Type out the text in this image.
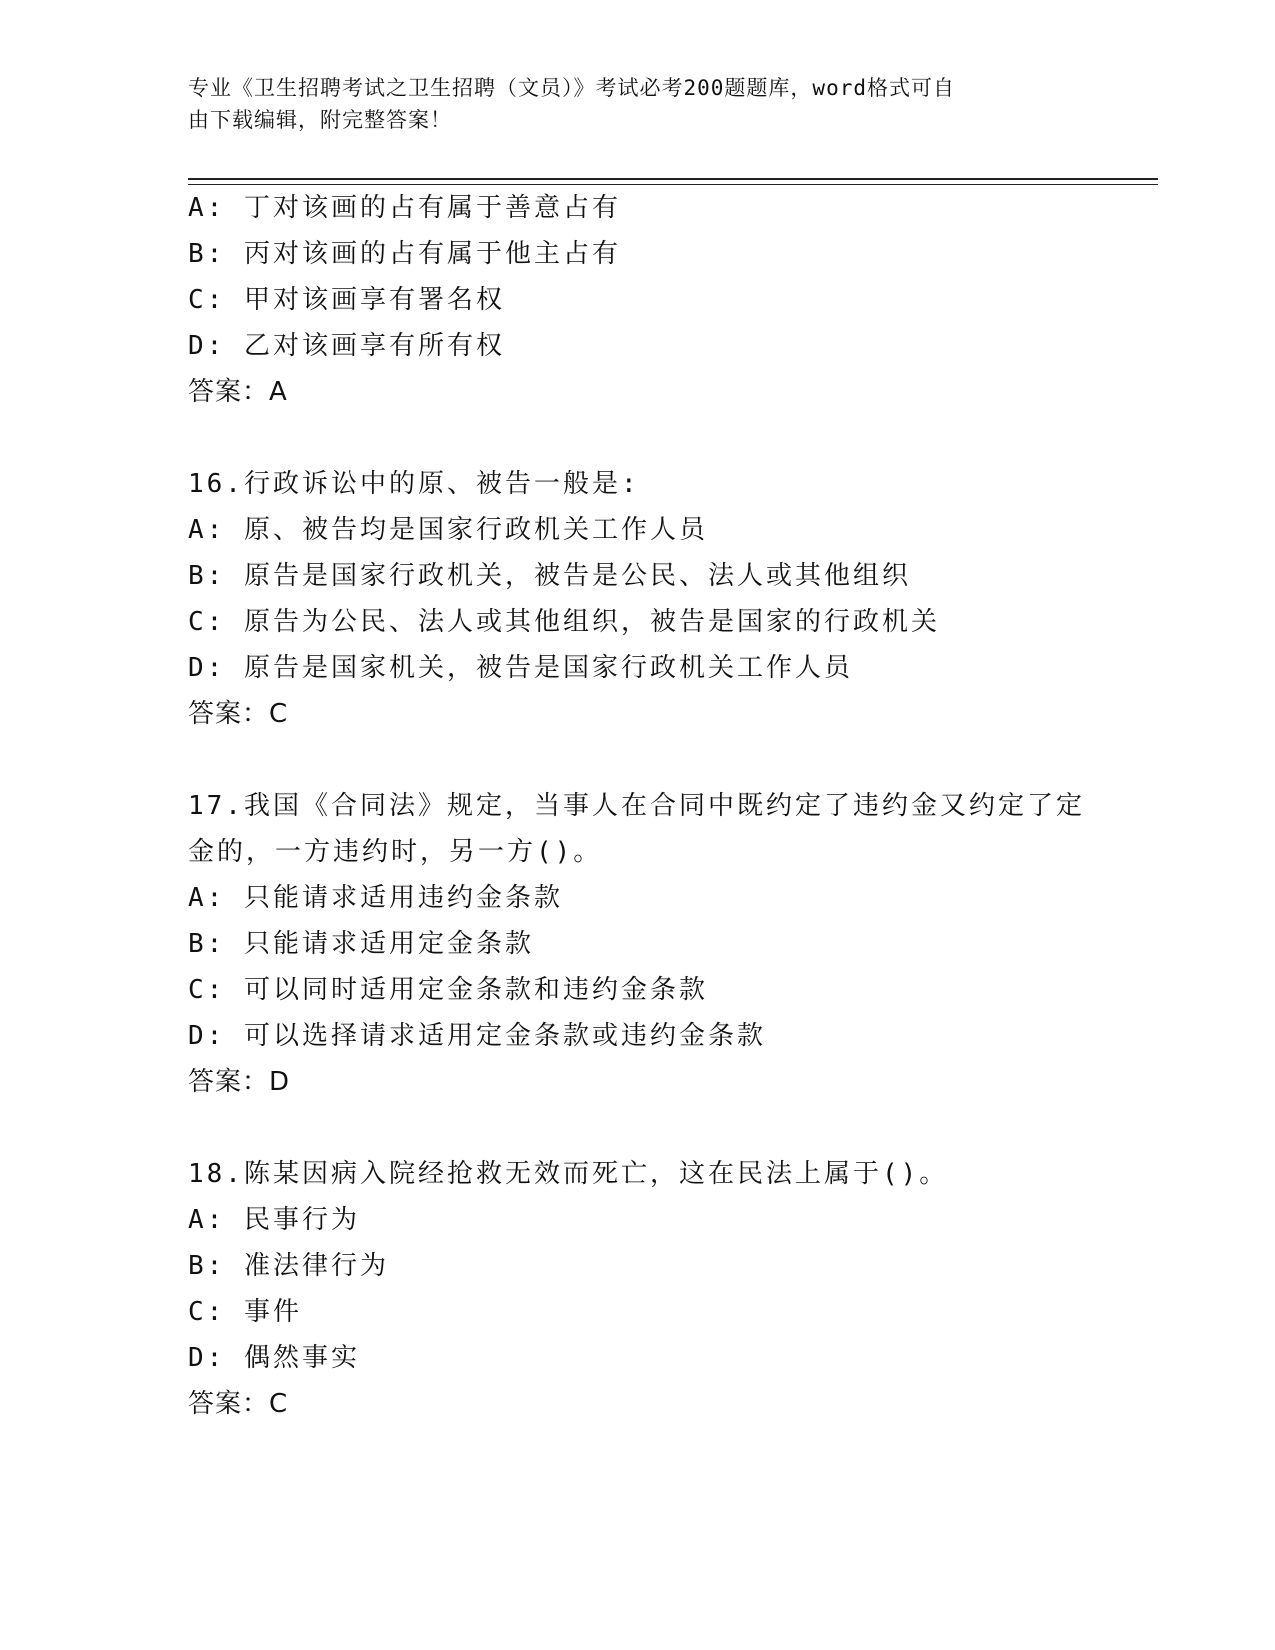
专业《卫生招聘考试之卫生招聘（文员）》考试必考200题题库，word格式可自
由下载编辑，附完整答案！
A: 丁对该画的占有属于善意占有
B: 丙对该画的占有属于他主占有
C: 甲对该画享有署名权
D: 乙对该画享有所有权
答案：A
16.行政诉讼中的原、被告一般是:
A: 原、被告均是国家行政机关工作人员
B: 原告是国家行政机关，被告是公民、法人或其他组织
C: 原告为公民、法人或其他组织，被告是国家的行政机关
D: 原告是国家机关，被告是国家行政机关工作人员
答案：C
17.我国《合同法》规定，当事人在合同中既约定了违约金又约定了定
金的，一方违约时，另一方()。
A: 只能请求适用违约金条款
B: 只能请求适用定金条款
C: 可以同时适用定金条款和违约金条款
D: 可以选择请求适用定金条款或违约金条款
答案：D
18.陈某因病入院经抢救无效而死亡，这在民法上属于()。
A: 民事行为
B: 准法律行为
C: 事件
D: 偶然事实
答案：C
